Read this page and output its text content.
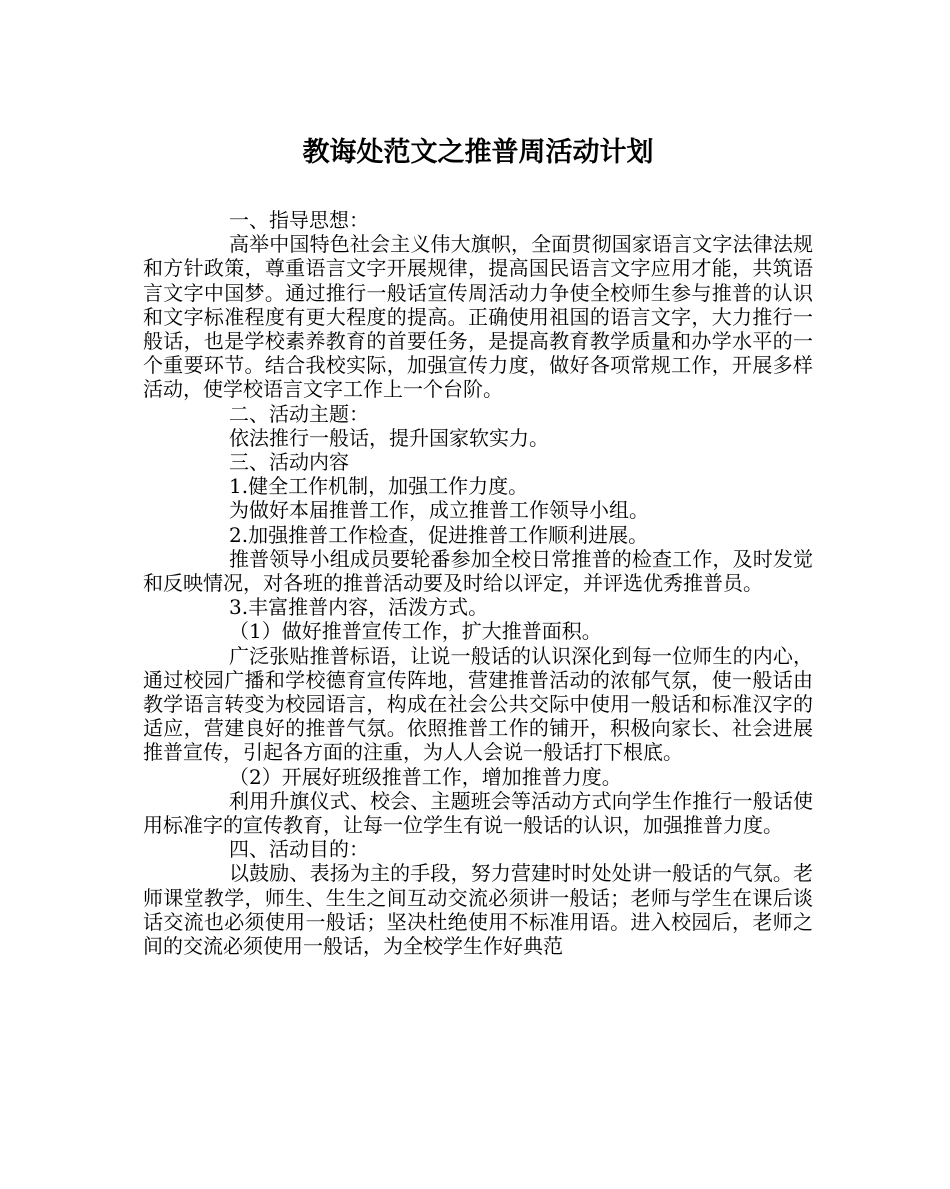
教诲处范文之推普周活动计划

一、指导思想：

高举中国特色社会主义伟大旗帜，全面贯彻国家语言文字法律法规和方针政策，尊重语言文字开展规律，提高国民语言文字应用才能，共筑语言文字中国梦。通过推行一般话宣传周活动力争使全校师生参与推普的认识和文字标准程度有更大程度的提高。正确使用祖国的语言文字，大力推行一般话，也是学校素养教育的首要任务，是提高教育教学质量和办学水平的一个重要环节。结合我校实际，加强宣传力度，做好各项常规工作，开展多样活动，使学校语言文字工作上一个台阶。

二、活动主题：

依法推行一般话，提升国家软实力。

三、活动内容

1.健全工作机制，加强工作力度。

为做好本届推普工作，成立推普工作领导小组。

2.加强推普工作检查，促进推普工作顺利进展。

推普领导小组成员要轮番参加全校日常推普的检查工作，及时发觉和反映情况，对各班的推普活动要及时给以评定，并评选优秀推普员。

3.丰富推普内容，活泼方式。

（1）做好推普宣传工作，扩大推普面积。

广泛张贴推普标语，让说一般话的认识深化到每一位师生的内心，通过校园广播和学校德育宣传阵地，营建推普活动的浓郁气氛，使一般话由教学语言转变为校园语言，构成在社会公共交际中使用一般话和标准汉字的适应，营建良好的推普气氛。依照推普工作的铺开，积极向家长、社会进展推普宣传，引起各方面的注重，为人人会说一般话打下根底。

（2）开展好班级推普工作，增加推普力度。

利用升旗仪式、校会、主题班会等活动方式向学生作推行一般话使用标准字的宣传教育，让每一位学生有说一般话的认识，加强推普力度。

四、活动目的：

以鼓励、表扬为主的手段，努力营建时时处处讲一般话的气氛。老师课堂教学，师生、生生之间互动交流必须讲一般话；老师与学生在课后谈话交流也必须使用一般话；坚决杜绝使用不标准用语。进入校园后，老师之间的交流必须使用一般话，为全校学生作好典范
